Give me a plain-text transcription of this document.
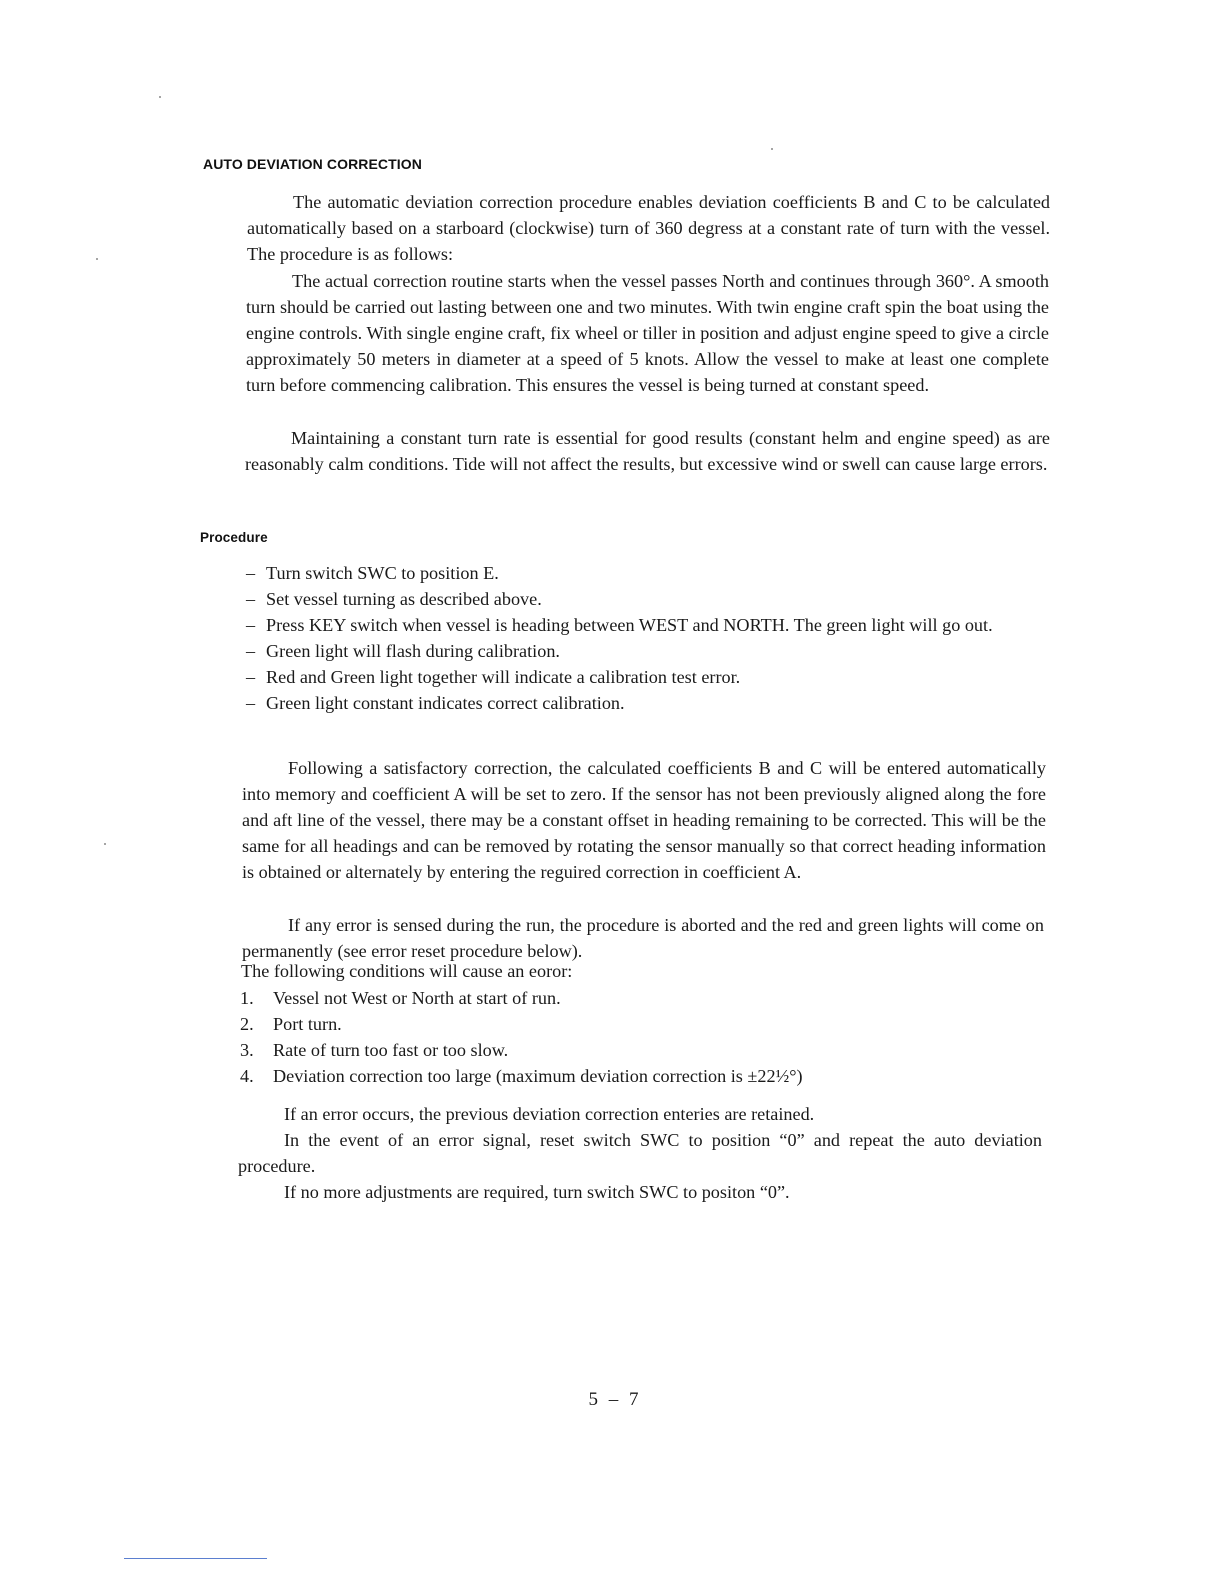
AUTO DEVIATION CORRECTION

The automatic deviation correction procedure enables deviation coefficients B and C to be calculated automatically based on a starboard (clockwise) turn of 360 degress at a constant rate of turn with the vessel. The procedure is as follows:

The actual correction routine starts when the vessel passes North and continues through 360°. A smooth turn should be carried out lasting between one and two minutes. With twin engine craft spin the boat using the engine controls. With single engine craft, fix wheel or tiller in position and adjust engine speed to give a circle approximately 50 meters in diameter at a speed of 5 knots. Allow the vessel to make at least one complete turn before commencing calibration. This ensures the vessel is being turned at constant speed.

Maintaining a constant turn rate is essential for good results (constant helm and engine speed) as are reasonably calm conditions. Tide will not affect the results, but excessive wind or swell can cause large errors.

Procedure
– Turn switch SWC to position E.
– Set vessel turning as described above.
– Press KEY switch when vessel is heading between WEST and NORTH. The green light will go out.
– Green light will flash during calibration.
– Red and Green light together will indicate a calibration test error.
– Green light constant indicates correct calibration.

Following a satisfactory correction, the calculated coefficients B and C will be entered automatically into memory and coefficient A will be set to zero. If the sensor has not been previously aligned along the fore and aft line of the vessel, there may be a constant offset in heading remaining to be corrected. This will be the same for all headings and can be removed by rotating the sensor manually so that correct heading information is obtained or alternately by entering the reguired correction in coefficient A.

If any error is sensed during the run, the procedure is aborted and the red and green lights will come on permanently (see error reset procedure below).

The following conditions will cause an eoror:

1. Vessel not West or North at start of run.
2. Port turn.
3. Rate of turn too fast or too slow.
4. Deviation correction too large (maximum deviation correction is ±22½°)

If an error occurs, the previous deviation correction enteries are retained.

In the event of an error signal, reset switch SWC to position “0” and repeat the auto deviation procedure.

If no more adjustments are required, turn switch SWC to positon “0”.

5 – 7
